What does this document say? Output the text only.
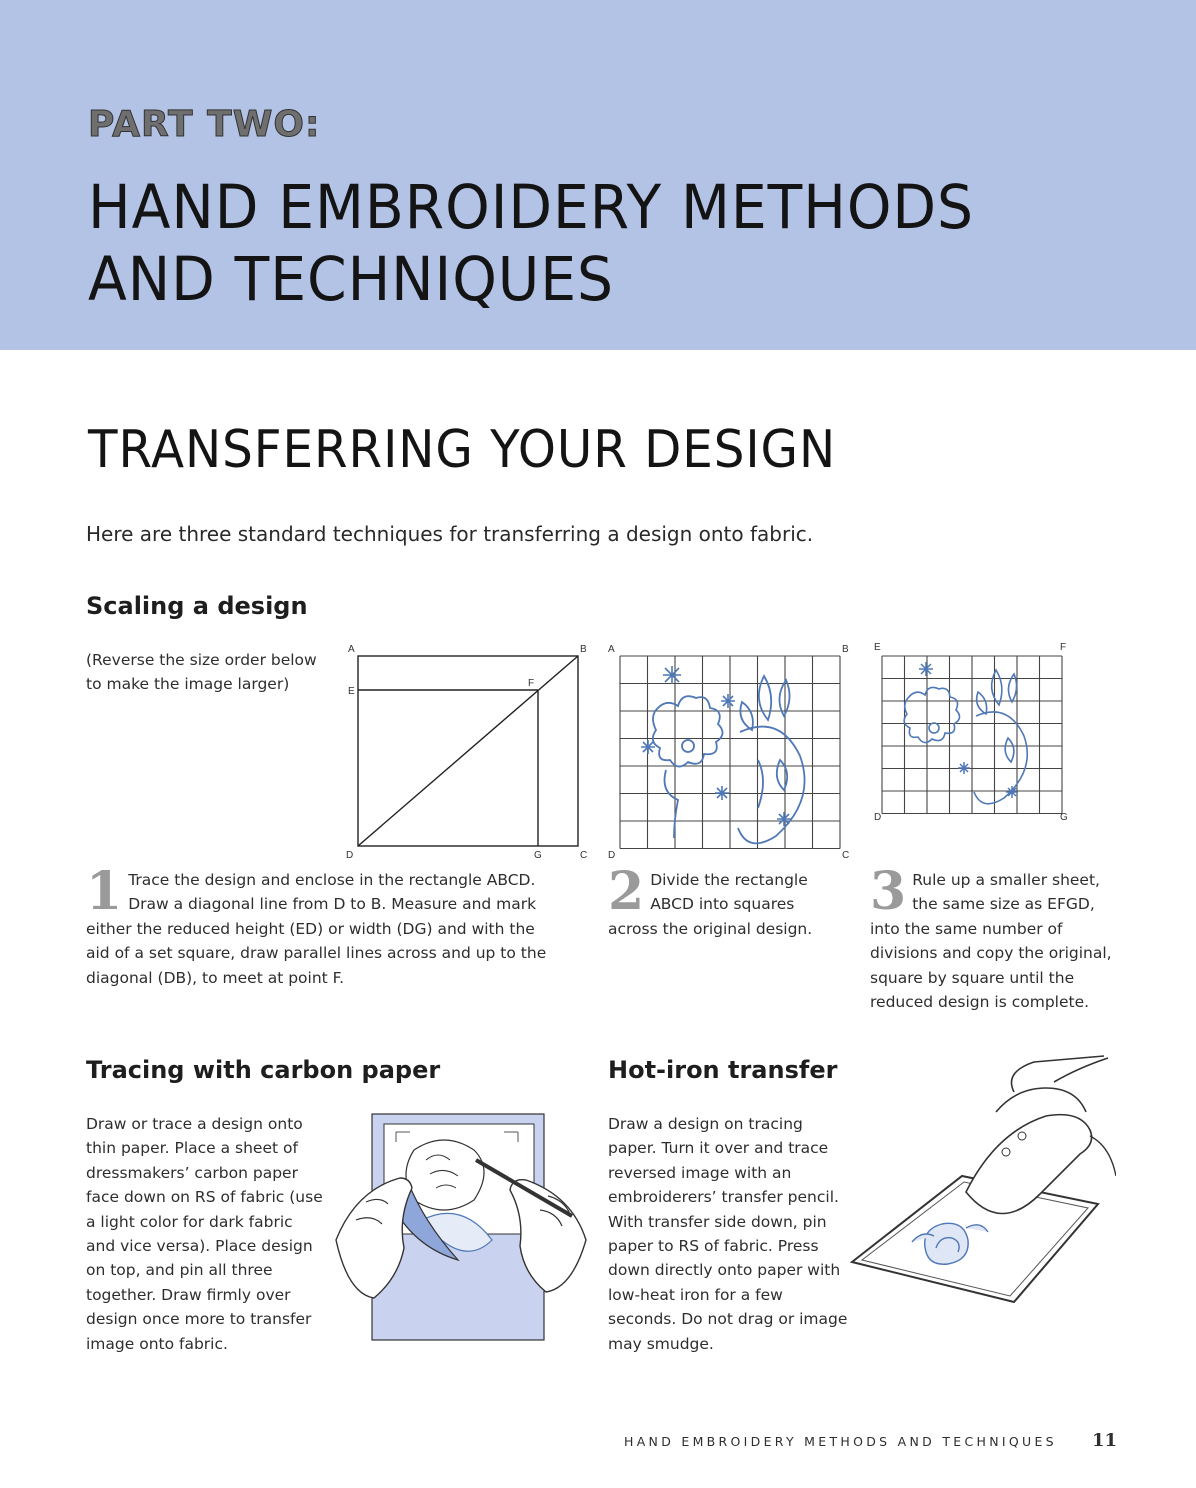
PART TWO:
HAND EMBROIDERY METHODS AND TECHNIQUES
TRANSFERRING YOUR DESIGN
Here are three standard techniques for transferring a design onto fabric.
Scaling a design
(Reverse the size order below to make the image larger)
A	B
E
F
D	G	C
A	B
D	C
E	F
D	G
1 Trace the design and enclose in the rectangle ABCD. Draw a diagonal line from D to B. Measure and mark either the reduced height (ED) or width (DG) and with the aid of a set square, draw parallel lines across and up to the diagonal (DB), to meet at point F.
2 Divide the rectangle ABCD into squares across the original design.
3 Rule up a smaller sheet, the same size as EFGD, into the same number of divisions and copy the original, square by square until the reduced design is complete.
Tracing with carbon paper
Draw or trace a design onto thin paper. Place a sheet of dressmakers’ carbon paper face down on RS of fabric (use a light color for dark fabric and vice versa). Place design on top, and pin all three together. Draw firmly over design once more to transfer image onto fabric.
Hot-iron transfer
Draw a design on tracing paper. Turn it over and trace reversed image with an embroiderers’ transfer pencil. With transfer side down, pin paper to RS of fabric. Press down directly onto paper with low-heat iron for a few seconds. Do not drag or image may smudge.
HAND EMBROIDERY METHODS AND TECHNIQUES 11
